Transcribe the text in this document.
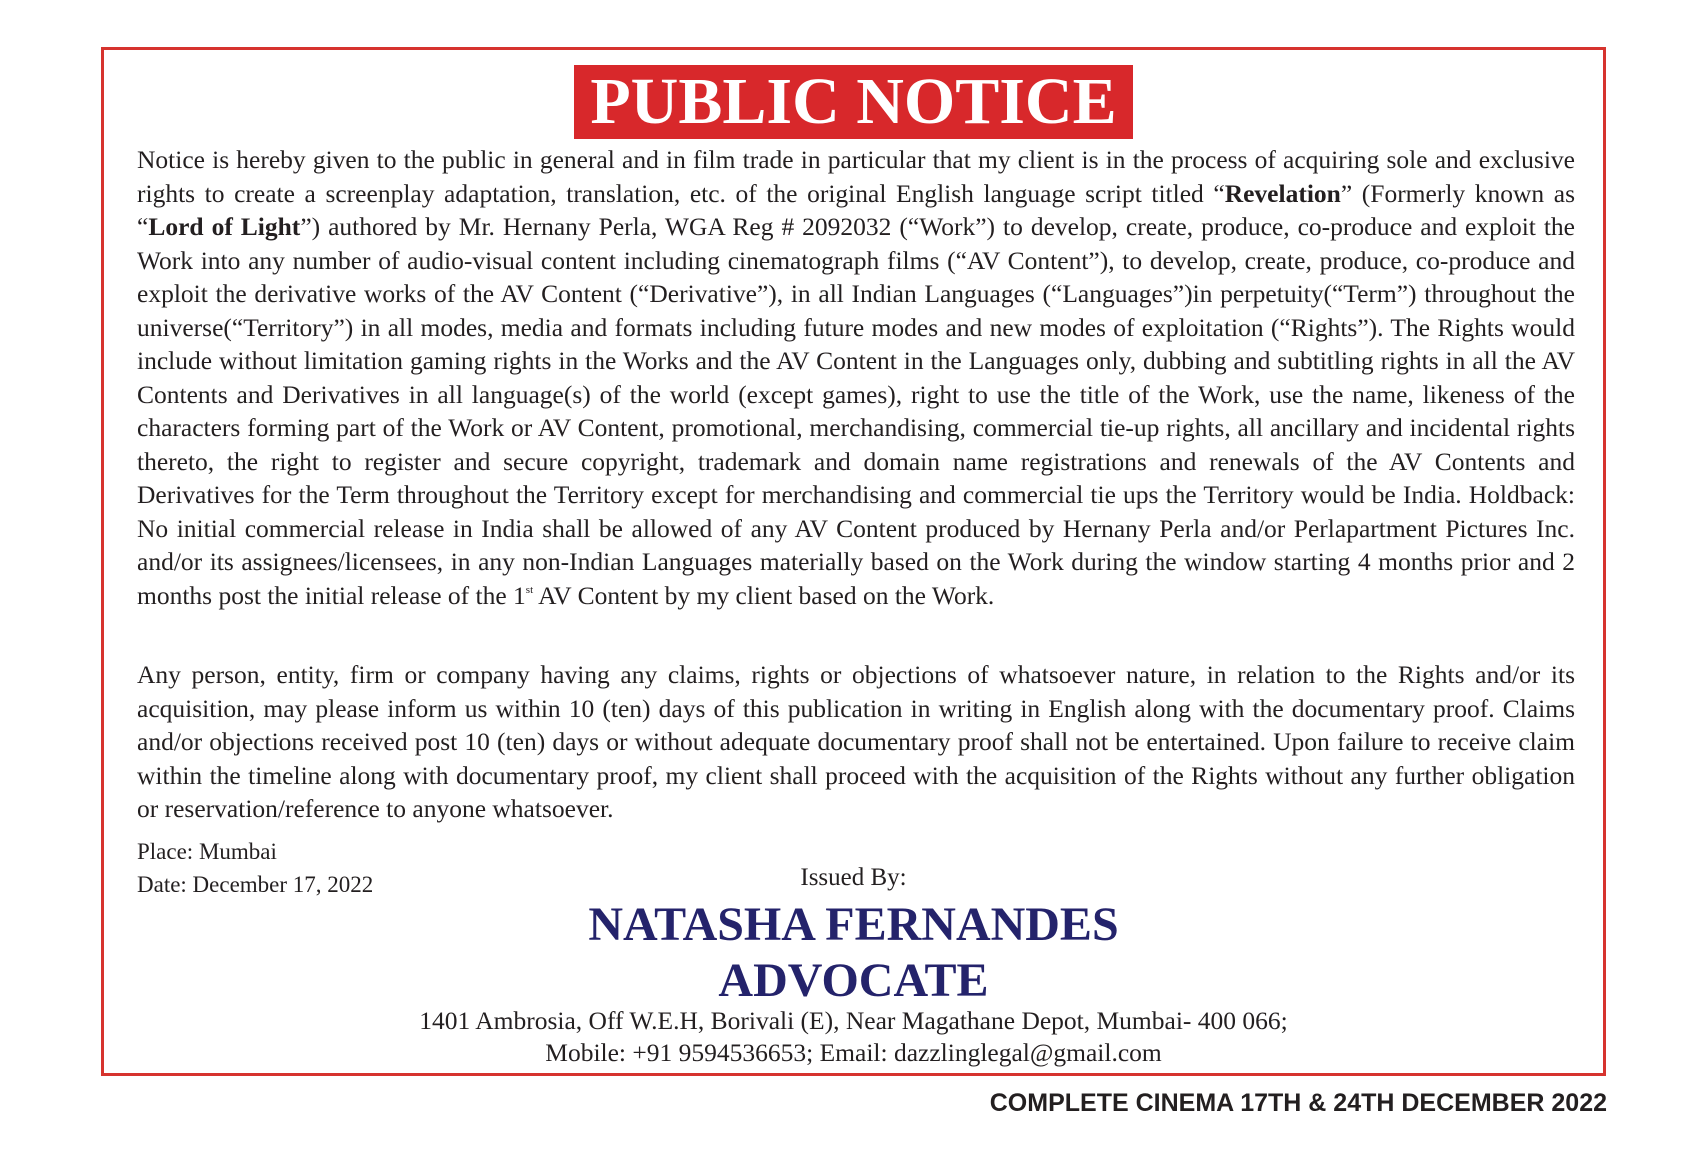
PUBLIC NOTICE
Notice is hereby given to the public in general and in film trade in particular that my client is in the process of acquiring sole and exclusive rights to create a screenplay adaptation, translation, etc. of the original English language script titled “Revelation” (Formerly known as “Lord of Light”) authored by Mr. Hernany Perla, WGA Reg # 2092032 (“Work”) to develop, create, produce, co-produce and exploit the Work into any number of audio-visual content including cinematograph films (“AV Content”), to develop, create, produce, co-produce and exploit the derivative works of the AV Content (“Derivative”), in all Indian Languages (“Languages”)in perpetuity(“Term”) throughout the universe(“Territory”) in all modes, media and formats including future modes and new modes of exploitation (“Rights”). The Rights would include without limitation gaming rights in the Works and the AV Content in the Languages only, dubbing and subtitling rights in all the AV Contents and Derivatives in all language(s) of the world (except games), right to use the title of the Work, use the name, likeness of the characters forming part of the Work or AV Content, promotional, merchandising, commercial tie-up rights, all ancillary and incidental rights thereto, the right to register and secure copyright, trademark and domain name registrations and renewals of the AV Contents and Derivatives for the Term throughout the Territory except for merchandising and commercial tie ups the Territory would be India. Holdback: No initial commercial release in India shall be allowed of any AV Content produced by Hernany Perla and/or Perlapartment Pictures Inc. and/or its assignees/licensees, in any non-Indian Languages materially based on the Work during the window starting 4 months prior and 2 months post the initial release of the 1st AV Content by my client based on the Work.
Any person, entity, firm or company having any claims, rights or objections of whatsoever nature, in relation to the Rights and/or its acquisition, may please inform us within 10 (ten) days of this publication in writing in English along with the documentary proof. Claims and/or objections received post 10 (ten) days or without adequate documentary proof shall not be entertained. Upon failure to receive claim within the timeline along with documentary proof, my client shall proceed with the acquisition of the Rights without any further obligation or reservation/reference to anyone whatsoever.
Place: Mumbai
Date: December 17, 2022	Issued By:
NATASHA FERNANDES
ADVOCATE
1401 Ambrosia, Off W.E.H, Borivali (E), Near Magathane Depot, Mumbai- 400 066;
Mobile: +91 9594536653; Email: dazzlinglegal@gmail.com
COMPLETE CINEMA 17TH & 24TH DECEMBER 2022
